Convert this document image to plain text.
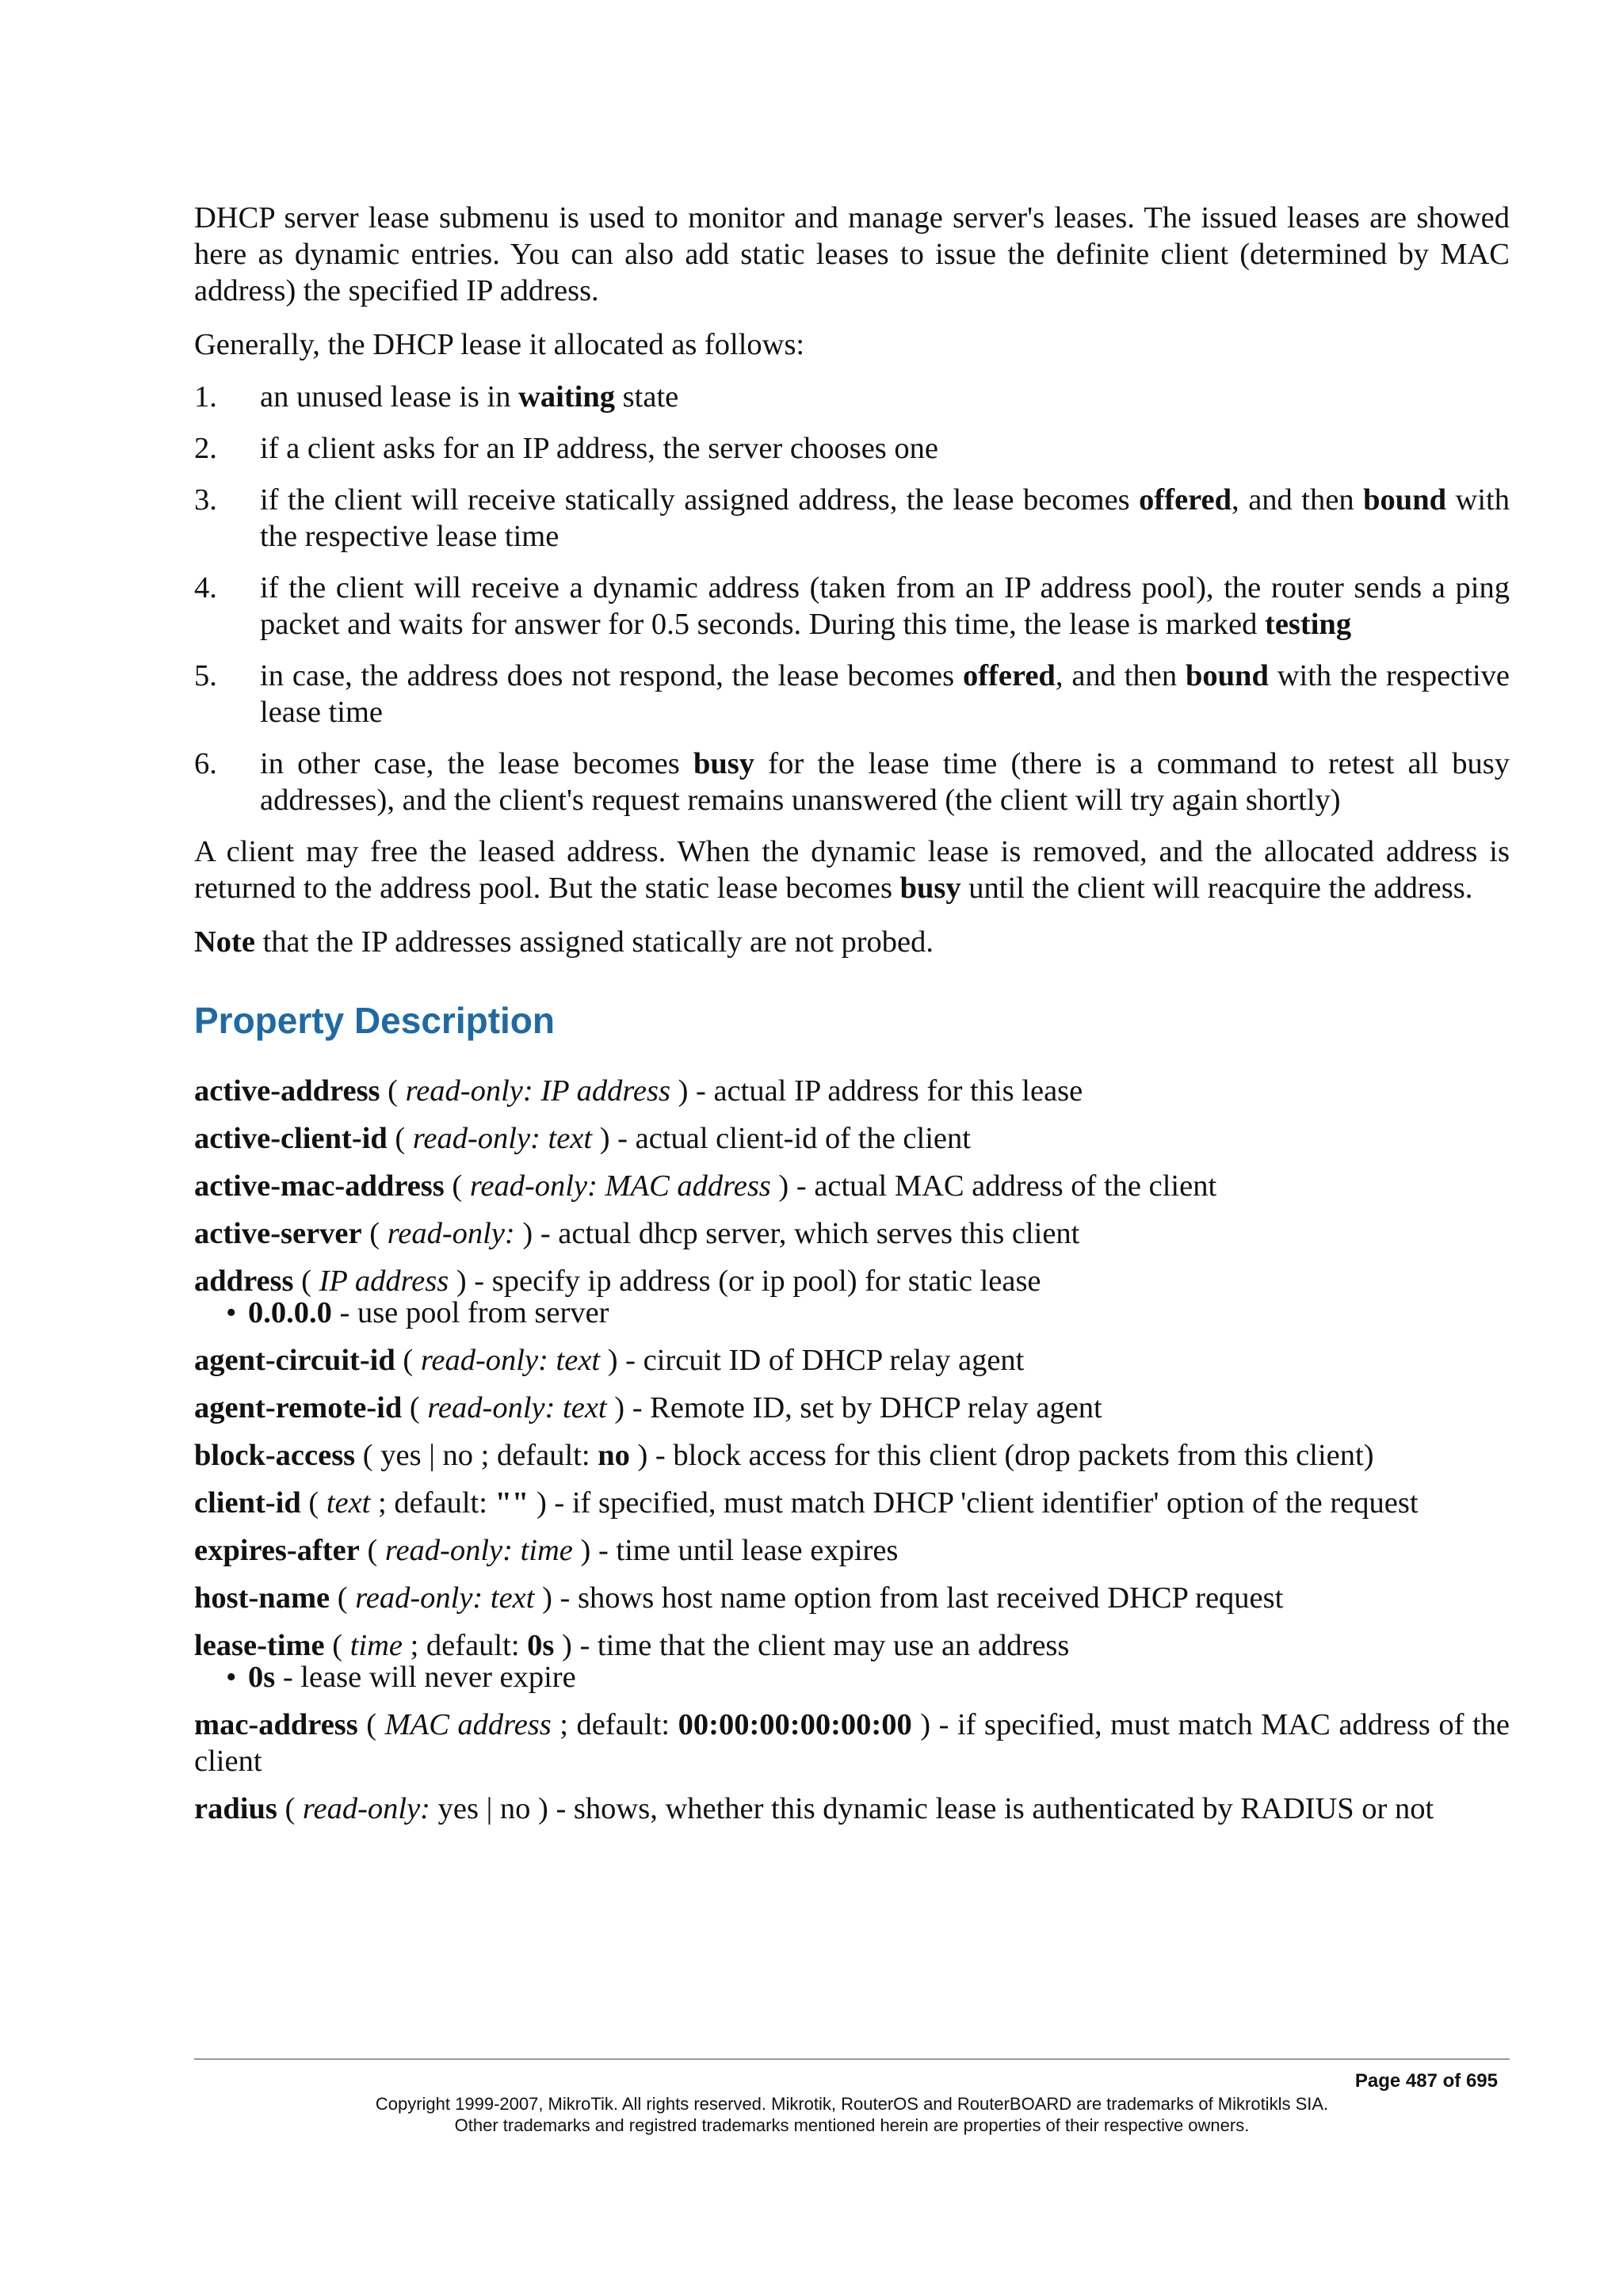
DHCP server lease submenu is used to monitor and manage server's leases. The issued leases are showed here as dynamic entries. You can also add static leases to issue the definite client (determined by MAC address) the specified IP address.

Generally, the DHCP lease it allocated as follows:

1. an unused lease is in waiting state
2. if a client asks for an IP address, the server chooses one
3. if the client will receive statically assigned address, the lease becomes offered, and then bound with the respective lease time
4. if the client will receive a dynamic address (taken from an IP address pool), the router sends a ping packet and waits for answer for 0.5 seconds. During this time, the lease is marked testing
5. in case, the address does not respond, the lease becomes offered, and then bound with the respective lease time
6. in other case, the lease becomes busy for the lease time (there is a command to retest all busy addresses), and the client's request remains unanswered (the client will try again shortly)

A client may free the leased address. When the dynamic lease is removed, and the allocated address is returned to the address pool. But the static lease becomes busy until the client will reacquire the address.

Note that the IP addresses assigned statically are not probed.

Property Description

active-address ( read-only: IP address ) - actual IP address for this lease

active-client-id ( read-only: text ) - actual client-id of the client

active-mac-address ( read-only: MAC address ) - actual MAC address of the client

active-server ( read-only: ) - actual dhcp server, which serves this client

address ( IP address ) - specify ip address (or ip pool) for static lease

• 0.0.0.0 - use pool from server

agent-circuit-id ( read-only: text ) - circuit ID of DHCP relay agent

agent-remote-id ( read-only: text ) - Remote ID, set by DHCP relay agent

block-access ( yes | no ; default: no ) - block access for this client (drop packets from this client)

client-id ( text ; default: "" ) - if specified, must match DHCP 'client identifier' option of the request

expires-after ( read-only: time ) - time until lease expires

host-name ( read-only: text ) - shows host name option from last received DHCP request

lease-time ( time ; default: 0s ) - time that the client may use an address

• 0s - lease will never expire

mac-address ( MAC address ; default: 00:00:00:00:00:00 ) - if specified, must match MAC address of the client

radius ( read-only: yes | no ) - shows, whether this dynamic lease is authenticated by RADIUS or not

Page 487 of 695
Copyright 1999-2007, MikroTik. All rights reserved. Mikrotik, RouterOS and RouterBOARD are trademarks of Mikrotikls SIA.
Other trademarks and registred trademarks mentioned herein are properties of their respective owners.
